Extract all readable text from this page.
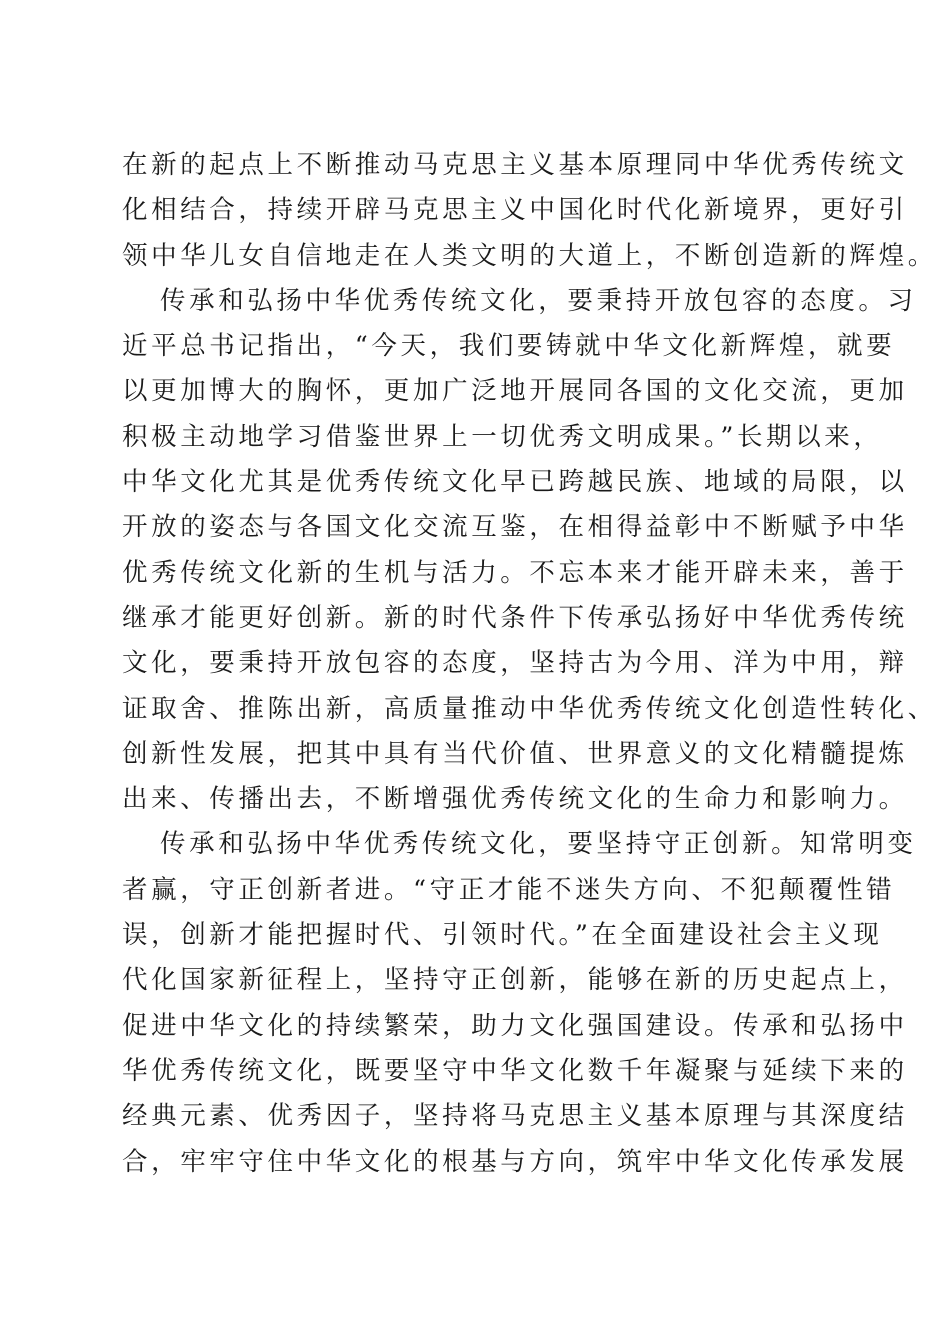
在新的起点上不断推动马克思主义基本原理同中华优秀传统文
化相结合，持续开辟马克思主义中国化时代化新境界，更好引
领中华儿女自信地走在人类文明的大道上，不断创造新的辉煌。
传承和弘扬中华优秀传统文化，要秉持开放包容的态度。习
近平总书记指出，“今天，我们要铸就中华文化新辉煌，就要
以更加博大的胸怀，更加广泛地开展同各国的文化交流，更加
积极主动地学习借鉴世界上一切优秀文明成果。”长期以来，
中华文化尤其是优秀传统文化早已跨越民族、地域的局限，以
开放的姿态与各国文化交流互鉴，在相得益彰中不断赋予中华
优秀传统文化新的生机与活力。不忘本来才能开辟未来，善于
继承才能更好创新。新的时代条件下传承弘扬好中华优秀传统
文化，要秉持开放包容的态度，坚持古为今用、洋为中用，辩
证取舍、推陈出新，高质量推动中华优秀传统文化创造性转化、
创新性发展，把其中具有当代价值、世界意义的文化精髓提炼
出来、传播出去，不断增强优秀传统文化的生命力和影响力。
传承和弘扬中华优秀传统文化，要坚持守正创新。知常明变
者赢，守正创新者进。“守正才能不迷失方向、不犯颠覆性错
误，创新才能把握时代、引领时代。”在全面建设社会主义现
代化国家新征程上，坚持守正创新，能够在新的历史起点上，
促进中华文化的持续繁荣，助力文化强国建设。传承和弘扬中
华优秀传统文化，既要坚守中华文化数千年凝聚与延续下来的
经典元素、优秀因子，坚持将马克思主义基本原理与其深度结
合，牢牢守住中华文化的根基与方向，筑牢中华文化传承发展
